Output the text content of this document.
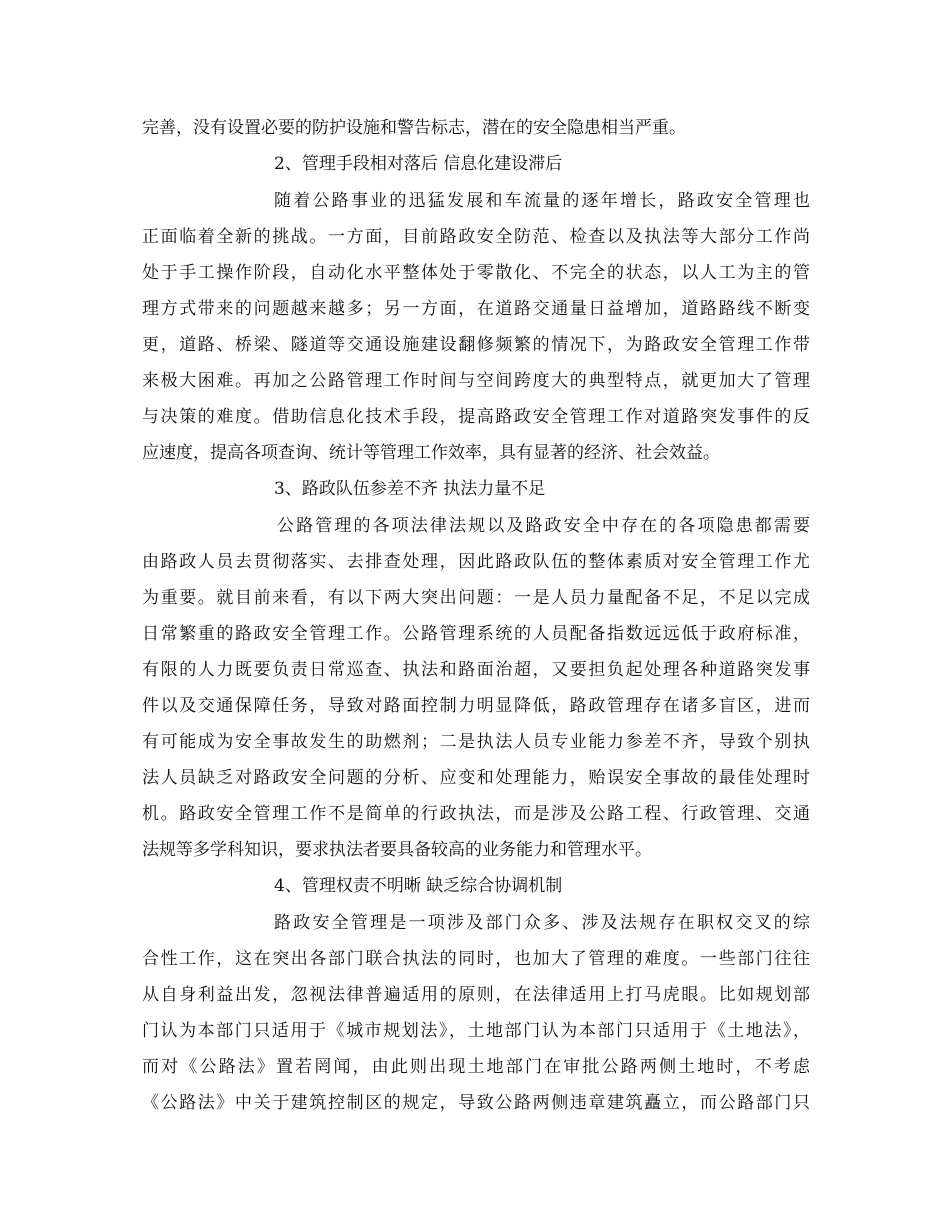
完善，没有设置必要的防护设施和警告标志，潜在的安全隐患相当严重。
2、管理手段相对落后 信息化建设滞后
随着公路事业的迅猛发展和车流量的逐年增长，路政安全管理也
正面临着全新的挑战。一方面，目前路政安全防范、检查以及执法等大部分工作尚
处于手工操作阶段，自动化水平整体处于零散化、不完全的状态，以人工为主的管
理方式带来的问题越来越多；另一方面，在道路交通量日益增加，道路路线不断变
更，道路、桥梁、隧道等交通设施建设翻修频繁的情况下，为路政安全管理工作带
来极大困难。再加之公路管理工作时间与空间跨度大的典型特点，就更加大了管理
与决策的难度。借助信息化技术手段，提高路政安全管理工作对道路突发事件的反
应速度，提高各项查询、统计等管理工作效率，具有显著的经济、社会效益。
3、路政队伍参差不齐 执法力量不足
公路管理的各项法律法规以及路政安全中存在的各项隐患都需要
由路政人员去贯彻落实、去排查处理，因此路政队伍的整体素质对安全管理工作尤
为重要。就目前来看，有以下两大突出问题：一是人员力量配备不足，不足以完成
日常繁重的路政安全管理工作。公路管理系统的人员配备指数远远低于政府标准，
有限的人力既要负责日常巡查、执法和路面治超，又要担负起处理各种道路突发事
件以及交通保障任务，导致对路面控制力明显降低，路政管理存在诸多盲区，进而
有可能成为安全事故发生的助燃剂；二是执法人员专业能力参差不齐，导致个别执
法人员缺乏对路政安全问题的分析、应变和处理能力，贻误安全事故的最佳处理时
机。路政安全管理工作不是简单的行政执法，而是涉及公路工程、行政管理、交通
法规等多学科知识，要求执法者要具备较高的业务能力和管理水平。
4、管理权责不明晰 缺乏综合协调机制
路政安全管理是一项涉及部门众多、涉及法规存在职权交叉的综
合性工作，这在突出各部门联合执法的同时，也加大了管理的难度。一些部门往往
从自身利益出发，忽视法律普遍适用的原则，在法律适用上打马虎眼。比如规划部
门认为本部门只适用于《城市规划法》，土地部门认为本部门只适用于《土地法》，
而对《公路法》置若罔闻，由此则出现土地部门在审批公路两侧土地时，不考虑
《公路法》中关于建筑控制区的规定，导致公路两侧违章建筑矗立，而公路部门只
